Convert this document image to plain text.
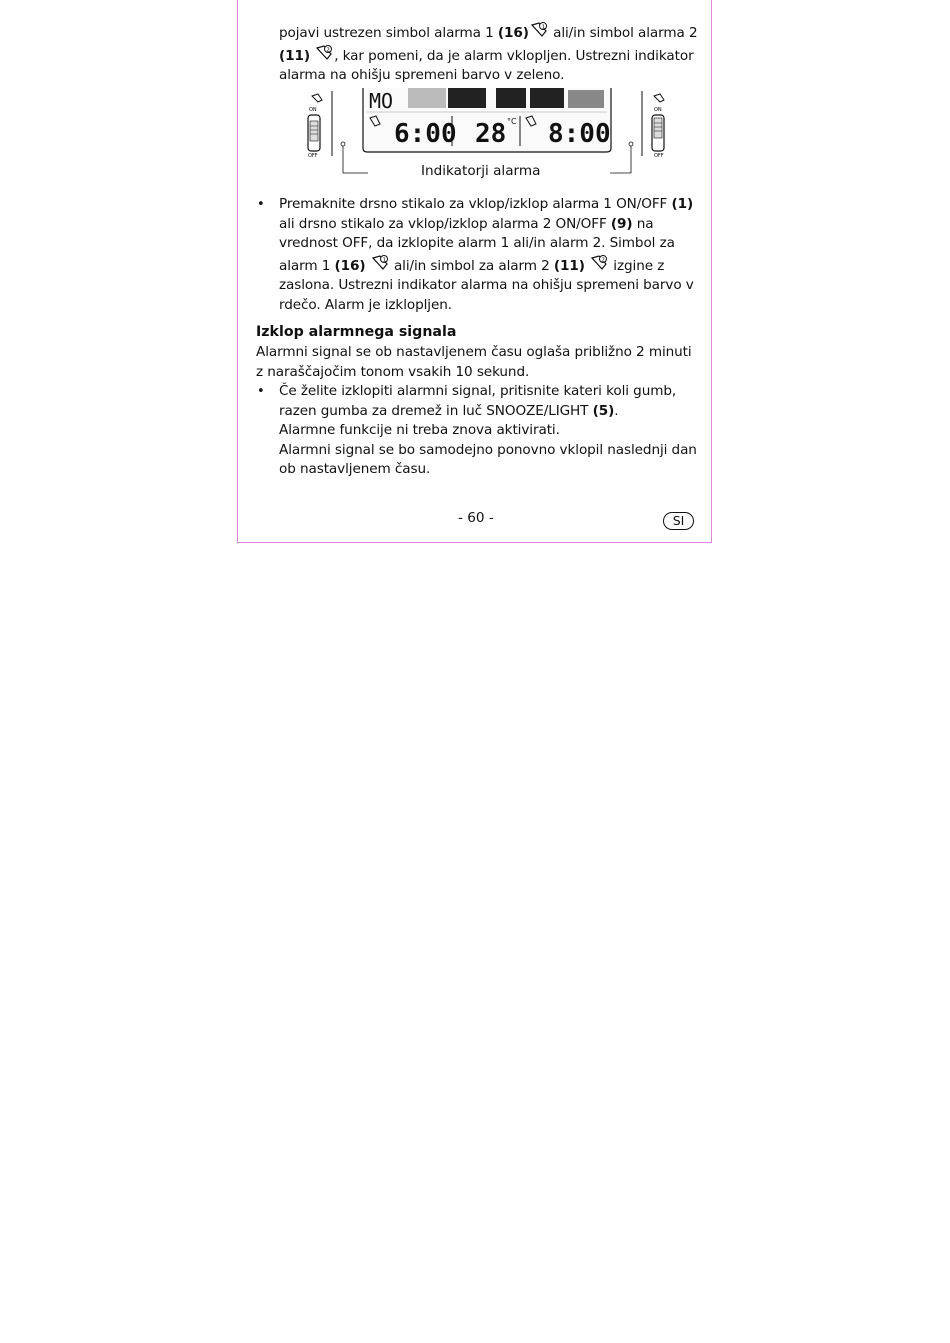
pojavi ustrezen simbol alarma 1 (16) 1 ali/in simbol alarma 2 (11)	2 , kar pomeni, da je alarm vklopljen. Ustrezni indikator alarma na ohišju spremeni barvo v zeleno.
ON
OFF
MO
6:00 28 °C 8:00
ON
OFF
Indikatorji alarma
• Premaknite drsno stikalo za vklop/izklop alarma 1 ON/OFF (1) ali drsno stikalo za vklop/izklop alarma 2 ON/OFF (9) na vrednost OFF, da izklopite alarm 1 ali/in alarm 2. Simbol za alarm 1 (16)	1 ali/in simbol za alarm 2 (11)	2 izgine z zaslona. Ustrezni indikator alarma na ohišju spremeni barvo v rdečo. Alarm je izklopljen.
Izklop alarmnega signala
Alarmni signal se ob nastavljenem času oglaša približno 2 minuti z naraščajočim tonom vsakih 10 sekund.
• Če želite izklopiti alarmni signal, pritisnite kateri koli gumb, razen gumba za dremež in luč SNOOZE/LIGHT (5).
Alarmne funkcije ni treba znova aktivirati.
Alarmni signal se bo samodejno ponovno vklopil naslednji dan ob nastavljenem času.
- 60 -	SI
